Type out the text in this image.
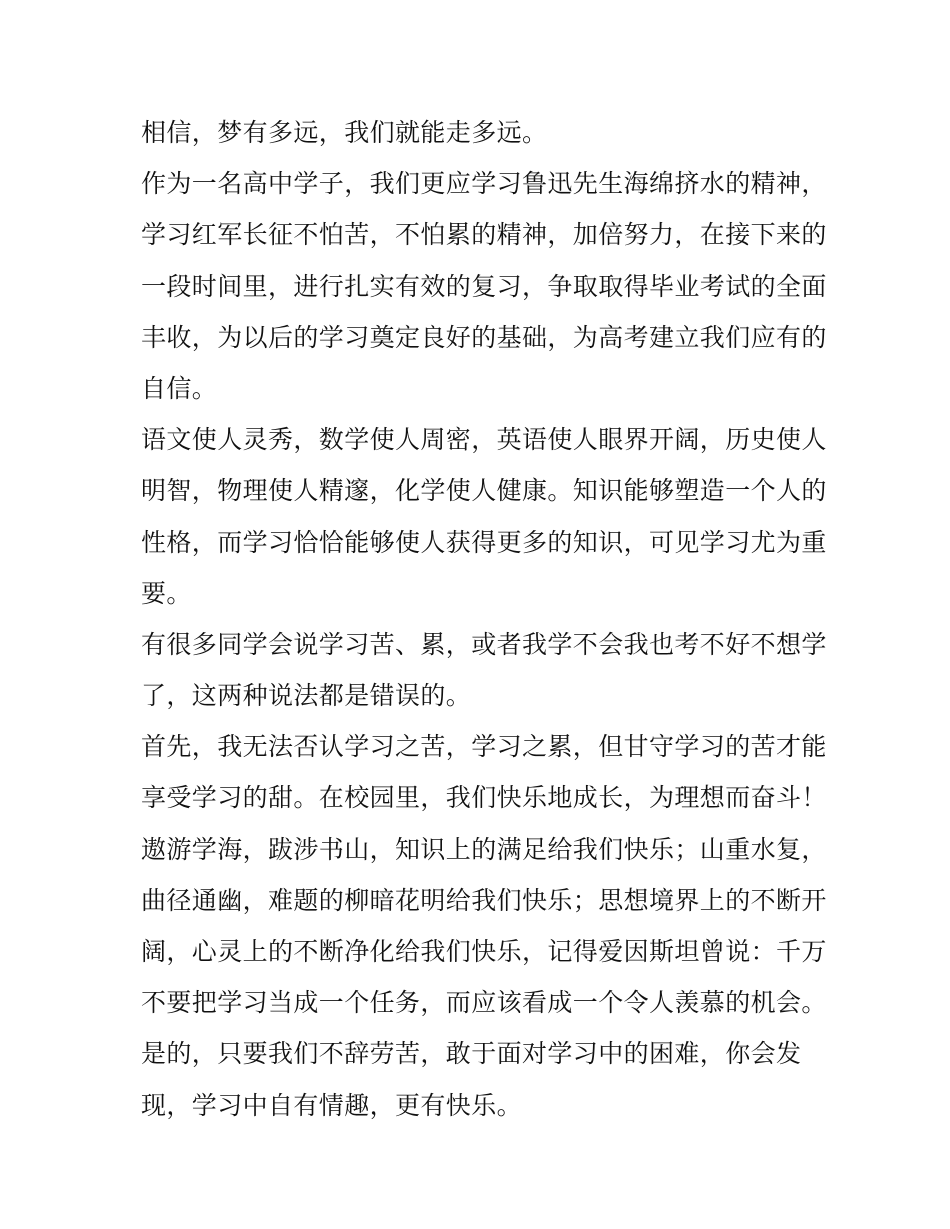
相信，梦有多远，我们就能走多远。
作为一名高中学子，我们更应学习鲁迅先生海绵挤水的精神，
学习红军长征不怕苦，不怕累的精神，加倍努力，在接下来的
一段时间里，进行扎实有效的复习，争取取得毕业考试的全面
丰收，为以后的学习奠定良好的基础，为高考建立我们应有的
自信。
语文使人灵秀，数学使人周密，英语使人眼界开阔，历史使人
明智，物理使人精邃，化学使人健康。知识能够塑造一个人的
性格，而学习恰恰能够使人获得更多的知识，可见学习尤为重
要。
有很多同学会说学习苦、累，或者我学不会我也考不好不想学
了，这两种说法都是错误的。
首先，我无法否认学习之苦，学习之累，但甘守学习的苦才能
享受学习的甜。在校园里，我们快乐地成长，为理想而奋斗！
遨游学海，跋涉书山，知识上的满足给我们快乐；山重水复，
曲径通幽，难题的柳暗花明给我们快乐；思想境界上的不断开
阔，心灵上的不断净化给我们快乐，记得爱因斯坦曾说：千万
不要把学习当成一个任务，而应该看成一个令人羡慕的机会。
是的，只要我们不辞劳苦，敢于面对学习中的困难，你会发
现，学习中自有情趣，更有快乐。
